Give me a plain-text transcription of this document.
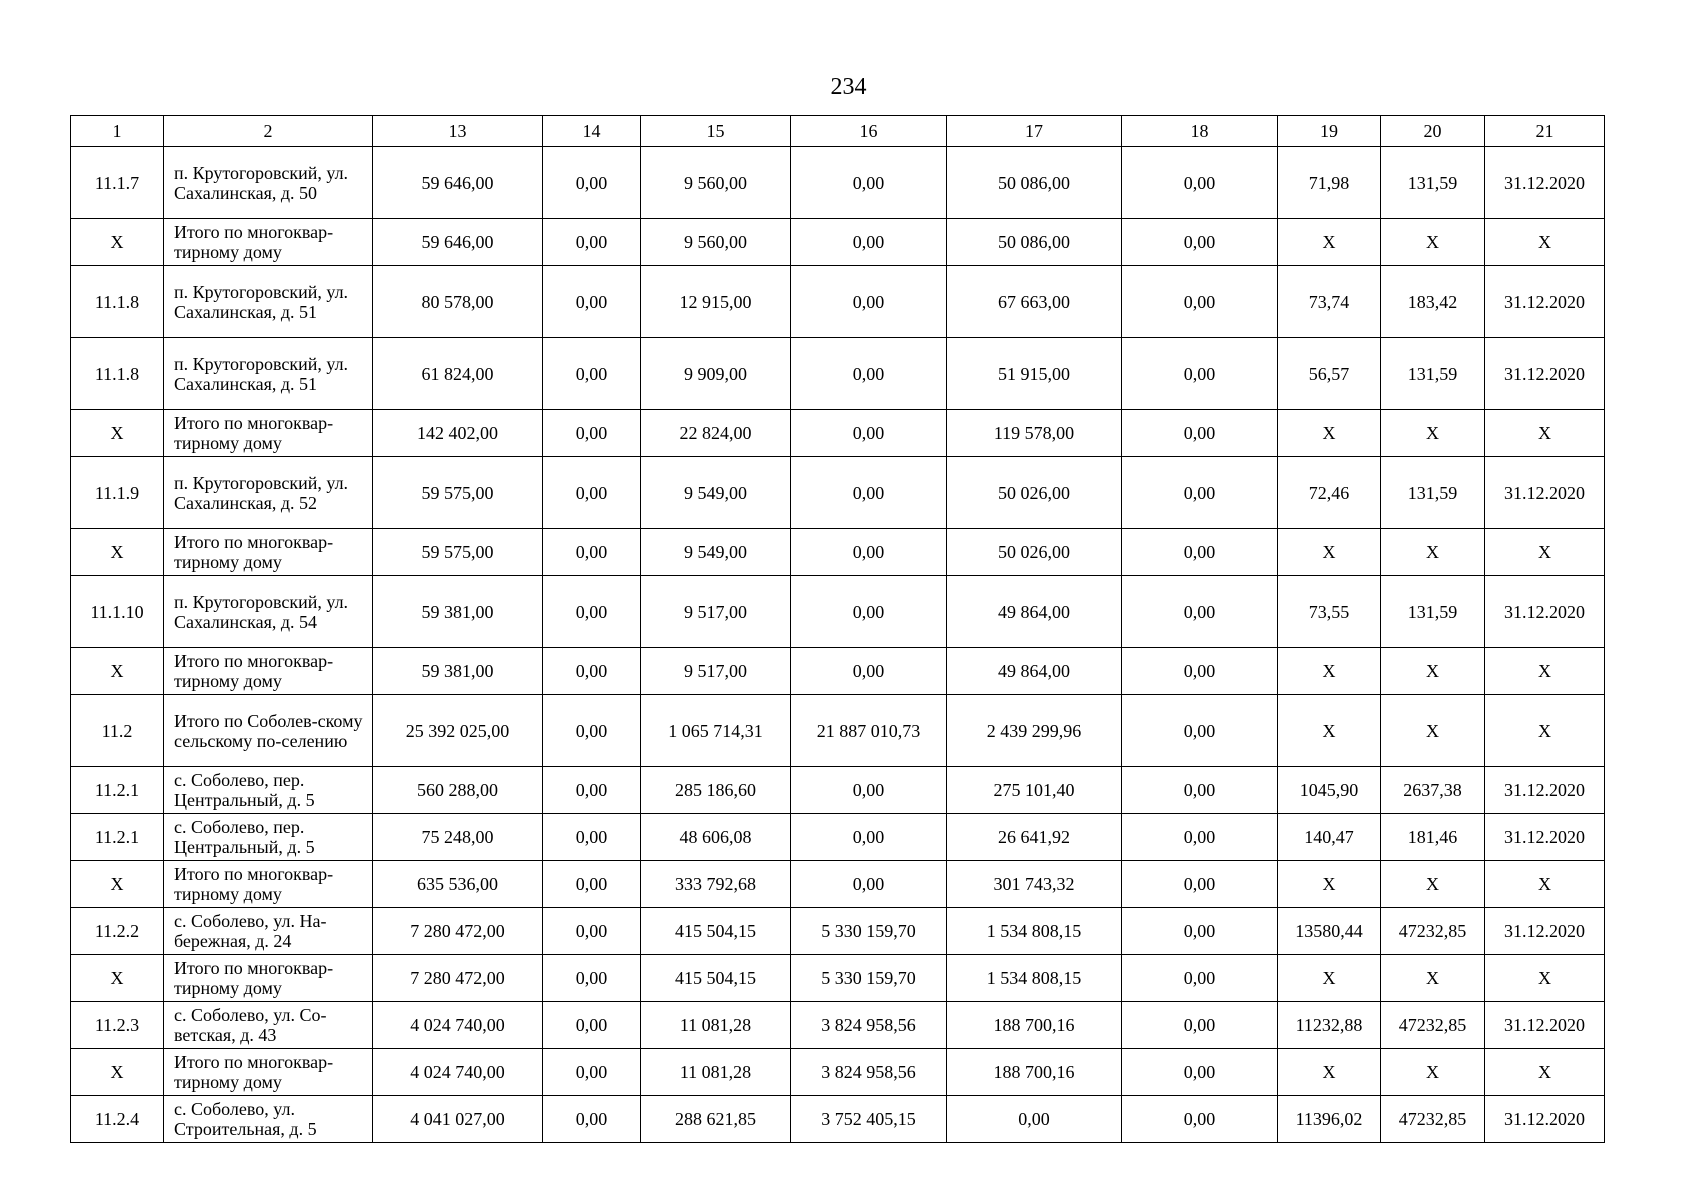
234
1	2	13	14	15	16	17	18	19	20	21
11.1.7	п. Крутогоровский, ул. Сахалинская, д. 50	59 646,00	0,00	9 560,00	0,00	50 086,00	0,00	71,98	131,59	31.12.2020
X	Итого по многоквар-тирному дому	59 646,00	0,00	9 560,00	0,00	50 086,00	0,00	X	X	X
11.1.8	п. Крутогоровский, ул. Сахалинская, д. 51	80 578,00	0,00	12 915,00	0,00	67 663,00	0,00	73,74	183,42	31.12.2020
11.1.8	п. Крутогоровский, ул. Сахалинская, д. 51	61 824,00	0,00	9 909,00	0,00	51 915,00	0,00	56,57	131,59	31.12.2020
X	Итого по многоквар-тирному дому	142 402,00	0,00	22 824,00	0,00	119 578,00	0,00	X	X	X
11.1.9	п. Крутогоровский, ул. Сахалинская, д. 52	59 575,00	0,00	9 549,00	0,00	50 026,00	0,00	72,46	131,59	31.12.2020
X	Итого по многоквар-тирному дому	59 575,00	0,00	9 549,00	0,00	50 026,00	0,00	X	X	X
11.1.10	п. Крутогоровский, ул. Сахалинская, д. 54	59 381,00	0,00	9 517,00	0,00	49 864,00	0,00	73,55	131,59	31.12.2020
X	Итого по многоквар-тирному дому	59 381,00	0,00	9 517,00	0,00	49 864,00	0,00	X	X	X
11.2	Итого по Соболев-скому сельскому по-селению	25 392 025,00	0,00	1 065 714,31	21 887 010,73	2 439 299,96	0,00	X	X	X
11.2.1	с. Соболево, пер. Центральный, д. 5	560 288,00	0,00	285 186,60	0,00	275 101,40	0,00	1045,90	2637,38	31.12.2020
11.2.1	с. Соболево, пер. Центральный, д. 5	75 248,00	0,00	48 606,08	0,00	26 641,92	0,00	140,47	181,46	31.12.2020
X	Итого по многоквар-тирному дому	635 536,00	0,00	333 792,68	0,00	301 743,32	0,00	X	X	X
11.2.2	с. Соболево, ул. На-бережная, д. 24	7 280 472,00	0,00	415 504,15	5 330 159,70	1 534 808,15	0,00	13580,44	47232,85	31.12.2020
X	Итого по многоквар-тирному дому	7 280 472,00	0,00	415 504,15	5 330 159,70	1 534 808,15	0,00	X	X	X
11.2.3	с. Соболево, ул. Со-ветская, д. 43	4 024 740,00	0,00	11 081,28	3 824 958,56	188 700,16	0,00	11232,88	47232,85	31.12.2020
X	Итого по многоквар-тирному дому	4 024 740,00	0,00	11 081,28	3 824 958,56	188 700,16	0,00	X	X	X
11.2.4	с. Соболево, ул. Строительная, д. 5	4 041 027,00	0,00	288 621,85	3 752 405,15	0,00	0,00	11396,02	47232,85	31.12.2020
